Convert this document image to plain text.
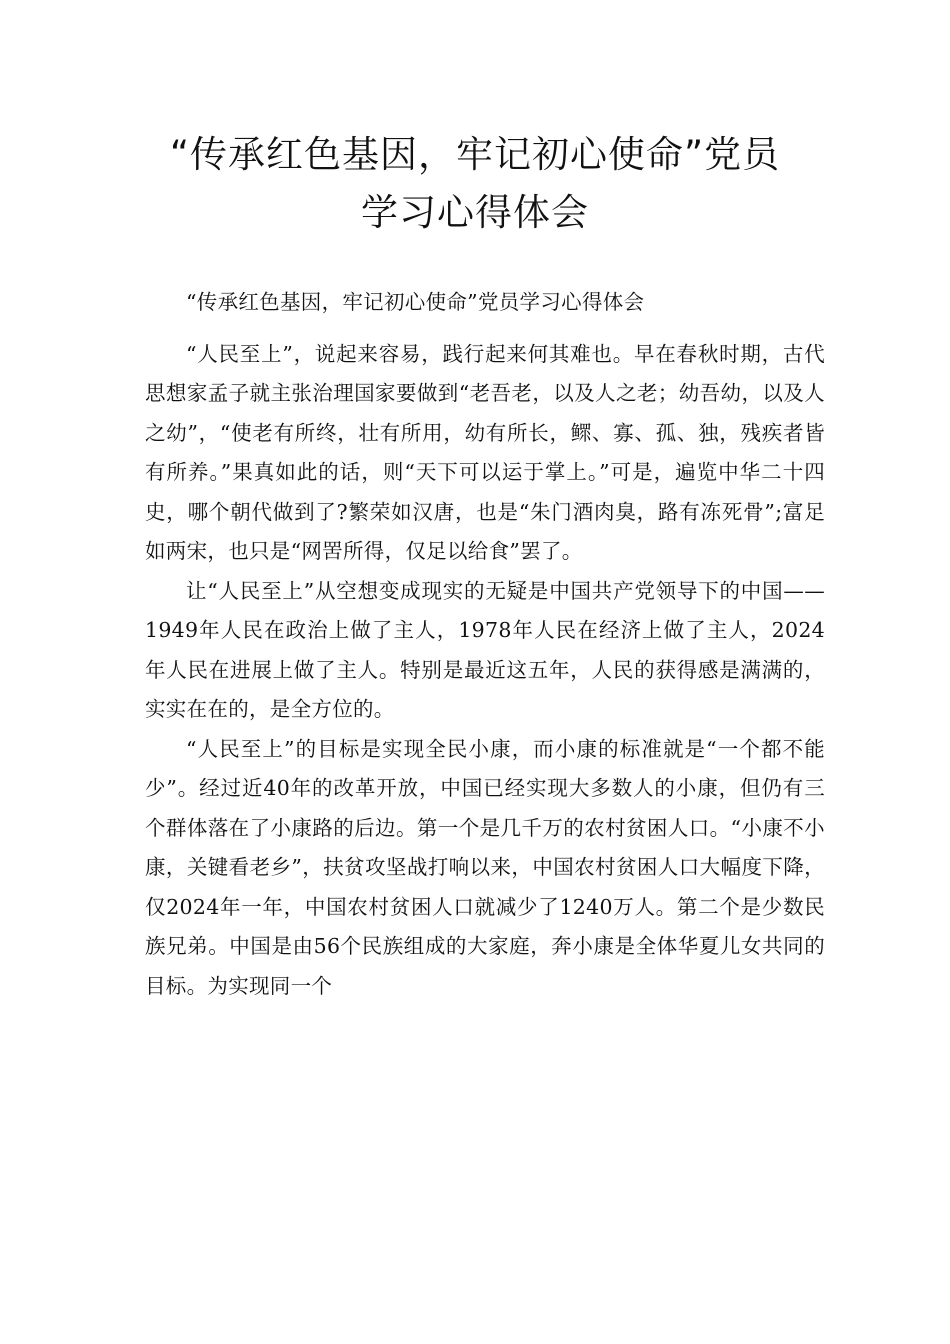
“传承红色基因，牢记初心使命”党员
学习心得体会

“传承红色基因，牢记初心使命”党员学习心得体会

“人民至上”，说起来容易，践行起来何其难也。早在春秋时期，古代思想家孟子就主张治理国家要做到“老吾老，以及人之老；幼吾幼，以及人之幼”，“使老有所终，壮有所用，幼有所长，鳏、寡、孤、独，残疾者皆有所养。”果真如此的话，则“天下可以运于掌上。”可是，遍览中华二十四史，哪个朝代做到了?繁荣如汉唐，也是“朱门酒肉臭，路有冻死骨”;富足如两宋，也只是“网罟所得，仅足以给食”罢了。

让“人民至上”从空想变成现实的无疑是中国共产党领导下的中国——1949年人民在政治上做了主人，1978年人民在经济上做了主人，2024年人民在进展上做了主人。特别是最近这五年，人民的获得感是满满的，实实在在的，是全方位的。

“人民至上”的目标是实现全民小康，而小康的标准就是“一个都不能少”。经过近40年的改革开放，中国已经实现大多数人的小康，但仍有三个群体落在了小康路的后边。第一个是几千万的农村贫困人口。“小康不小康，关键看老乡”，扶贫攻坚战打响以来，中国农村贫困人口大幅度下降，仅2024年一年，中国农村贫困人口就减少了1240万人。第二个是少数民族兄弟。中国是由56个民族组成的大家庭，奔小康是全体华夏儿女共同的目标。为实现同一个
